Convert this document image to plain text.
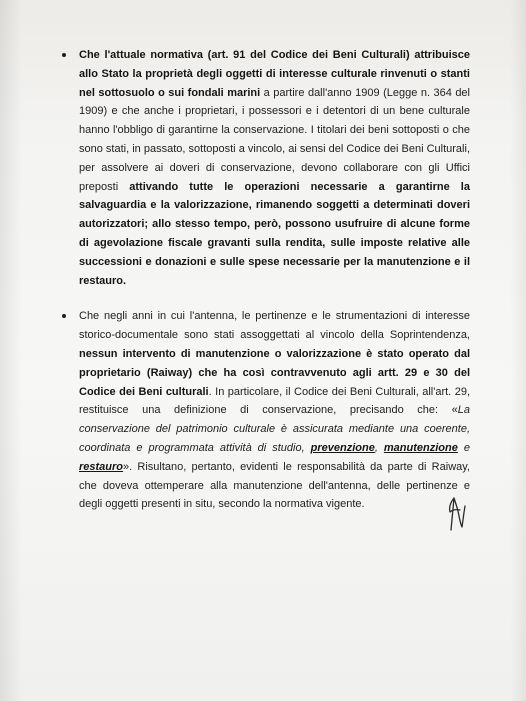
Che l'attuale normativa (art. 91 del Codice dei Beni Culturali) attribuisce allo Stato la proprietà degli oggetti di interesse culturale rinvenuti o stanti nel sottosuolo o sui fondali marini a partire dall'anno 1909 (Legge n. 364 del 1909) e che anche i proprietari, i possessori e i detentori di un bene culturale hanno l'obbligo di garantirne la conservazione. I titolari dei beni sottoposti o che sono stati, in passato, sottoposti a vincolo, ai sensi del Codice dei Beni Culturali, per assolvere ai doveri di conservazione, devono collaborare con gli Uffici preposti attivando tutte le operazioni necessarie a garantirne la salvaguardia e la valorizzazione, rimanendo soggetti a determinati doveri autorizzatori; allo stesso tempo, però, possono usufruire di alcune forme di agevolazione fiscale gravanti sulla rendita, sulle imposte relative alle successioni e donazioni e sulle spese necessarie per la manutenzione e il restauro.

Che negli anni in cui l'antenna, le pertinenze e le strumentazioni di interesse storico-documentale sono stati assoggettati al vincolo della Soprintendenza, nessun intervento di manutenzione o valorizzazione è stato operato dal proprietario (Raiway) che ha così contravvenuto agli artt. 29 e 30 del Codice dei Beni culturali. In particolare, il Codice dei Beni Culturali, all'art. 29, restituisce una definizione di conservazione, precisando che: «La conservazione del patrimonio culturale è assicurata mediante una coerente, coordinata e programmata attività di studio, prevenzione, manutenzione e restauro». Risultano, pertanto, evidenti le responsabilità da parte di Raiway, che doveva ottemperare alla manutenzione dell'antenna, delle pertinenze e degli oggetti presenti in situ, secondo la normativa vigente.
